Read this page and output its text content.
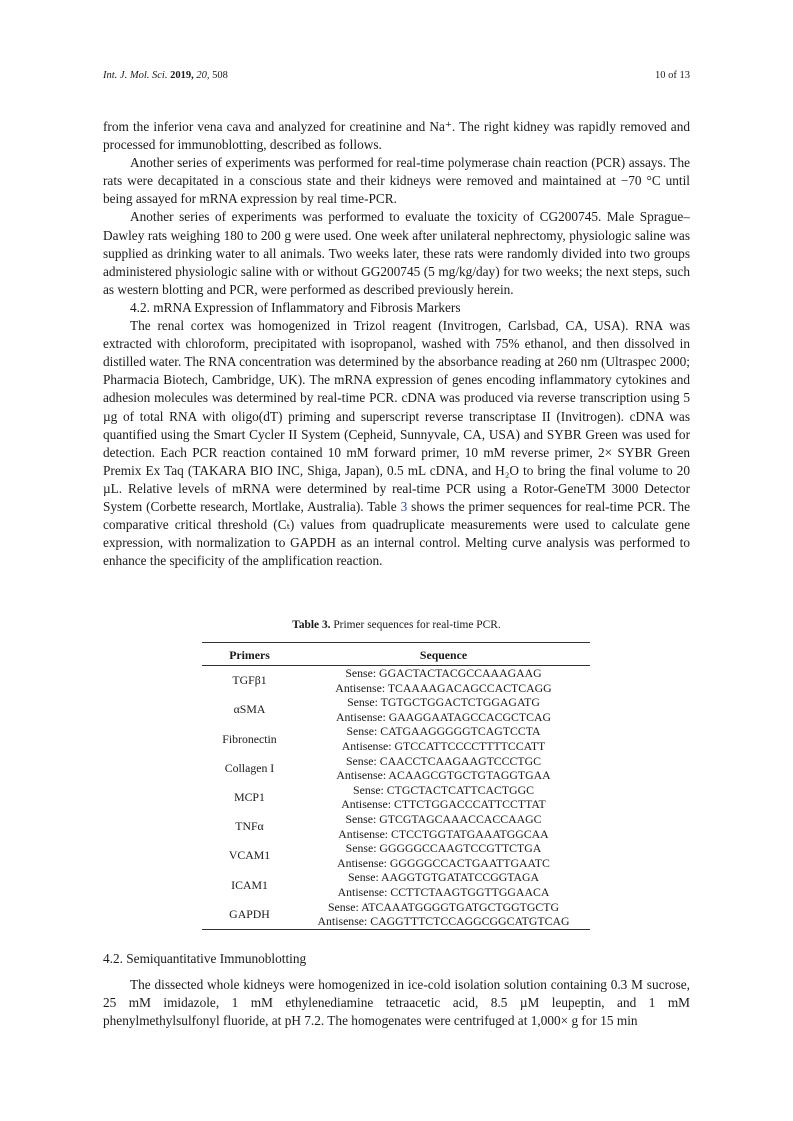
Int. J. Mol. Sci. 2019, 20, 508	10 of 13

from the inferior vena cava and analyzed for creatinine and Na⁺. The right kidney was rapidly removed and processed for immunoblotting, described as follows.

Another series of experiments was performed for real-time polymerase chain reaction (PCR) assays. The rats were decapitated in a conscious state and their kidneys were removed and maintained at −70 °C until being assayed for mRNA expression by real time-PCR.

Another series of experiments was performed to evaluate the toxicity of CG200745. Male Sprague–Dawley rats weighing 180 to 200 g were used. One week after unilateral nephrectomy, physiologic saline was supplied as drinking water to all animals. Two weeks later, these rats were randomly divided into two groups administered physiologic saline with or without GG200745 (5 mg/kg/day) for two weeks; the next steps, such as western blotting and PCR, were performed as described previously herein.

4.2. mRNA Expression of Inflammatory and Fibrosis Markers

The renal cortex was homogenized in Trizol reagent (Invitrogen, Carlsbad, CA, USA). RNA was extracted with chloroform, precipitated with isopropanol, washed with 75% ethanol, and then dissolved in distilled water. The RNA concentration was determined by the absorbance reading at 260 nm (Ultraspec 2000; Pharmacia Biotech, Cambridge, UK). The mRNA expression of genes encoding inflammatory cytokines and adhesion molecules was determined by real-time PCR. cDNA was produced via reverse transcription using 5 µg of total RNA with oligo(dT) priming and superscript reverse transcriptase II (Invitrogen). cDNA was quantified using the Smart Cycler II System (Cepheid, Sunnyvale, CA, USA) and SYBR Green was used for detection. Each PCR reaction contained 10 mM forward primer, 10 mM reverse primer, 2× SYBR Green Premix Ex Taq (TAKARA BIO INC, Shiga, Japan), 0.5 mL cDNA, and H₂O to bring the final volume to 20 µL. Relative levels of mRNA were determined by real-time PCR using a Rotor-GeneTM 3000 Detector System (Corbette research, Mortlake, Australia). Table 3 shows the primer sequences for real-time PCR. The comparative critical threshold (Cₜ) values from quadruplicate measurements were used to calculate gene expression, with normalization to GAPDH as an internal control. Melting curve analysis was performed to enhance the specificity of the amplification reaction.

Table 3. Primer sequences for real-time PCR.
Primers	Sequence
TGFβ1	Sense: GGACTACTACGCCAAAGAAG
Antisense: TCAAAAGACAGCCACTCAGG

αSMA	Sense: TGTGCTGGACTCTGGAGATG
Antisense: GAAGGAATAGCCACGCTCAG

Fibronectin	Sense: CATGAAGGGGGTCAGTCCTA
Antisense: GTCCATTCCCCTTTTCCATT

Collagen I	Sense: CAACCTCAAGAAGTCCCTGC
Antisense: ACAAGCGTGCTGTAGGTGAA

MCP1	Sense: CTGCTACTCATTCACTGGC
Antisense: CTTCTGGACCCATTCCTTAT

TNFα	Sense: GTCGTAGCAAACCACCAAGC
Antisense: CTCCTGGTATGAAATGGCAA

VCAM1	Sense: GGGGGCCAAGTCCGTTCTGA
Antisense: GGGGGCCACTGAATTGAATC

ICAM1	Sense: AAGGTGTGATATCCGGTAGA
Antisense: CCTTCTAAGTGGTTGGAACA

GAPDH	Sense: ATCAAATGGGGTGATGCTGGTGCTG
Antisense: CAGGTTTCTCCAGGCGGCATGTCAG
4.2. Semiquantitative Immunoblotting

The dissected whole kidneys were homogenized in ice-cold isolation solution containing 0.3 M sucrose, 25 mM imidazole, 1 mM ethylenediamine tetraacetic acid, 8.5 µM leupeptin, and 1 mM phenylmethylsulfonyl fluoride, at pH 7.2. The homogenates were centrifuged at 1,000× g for 15 min
